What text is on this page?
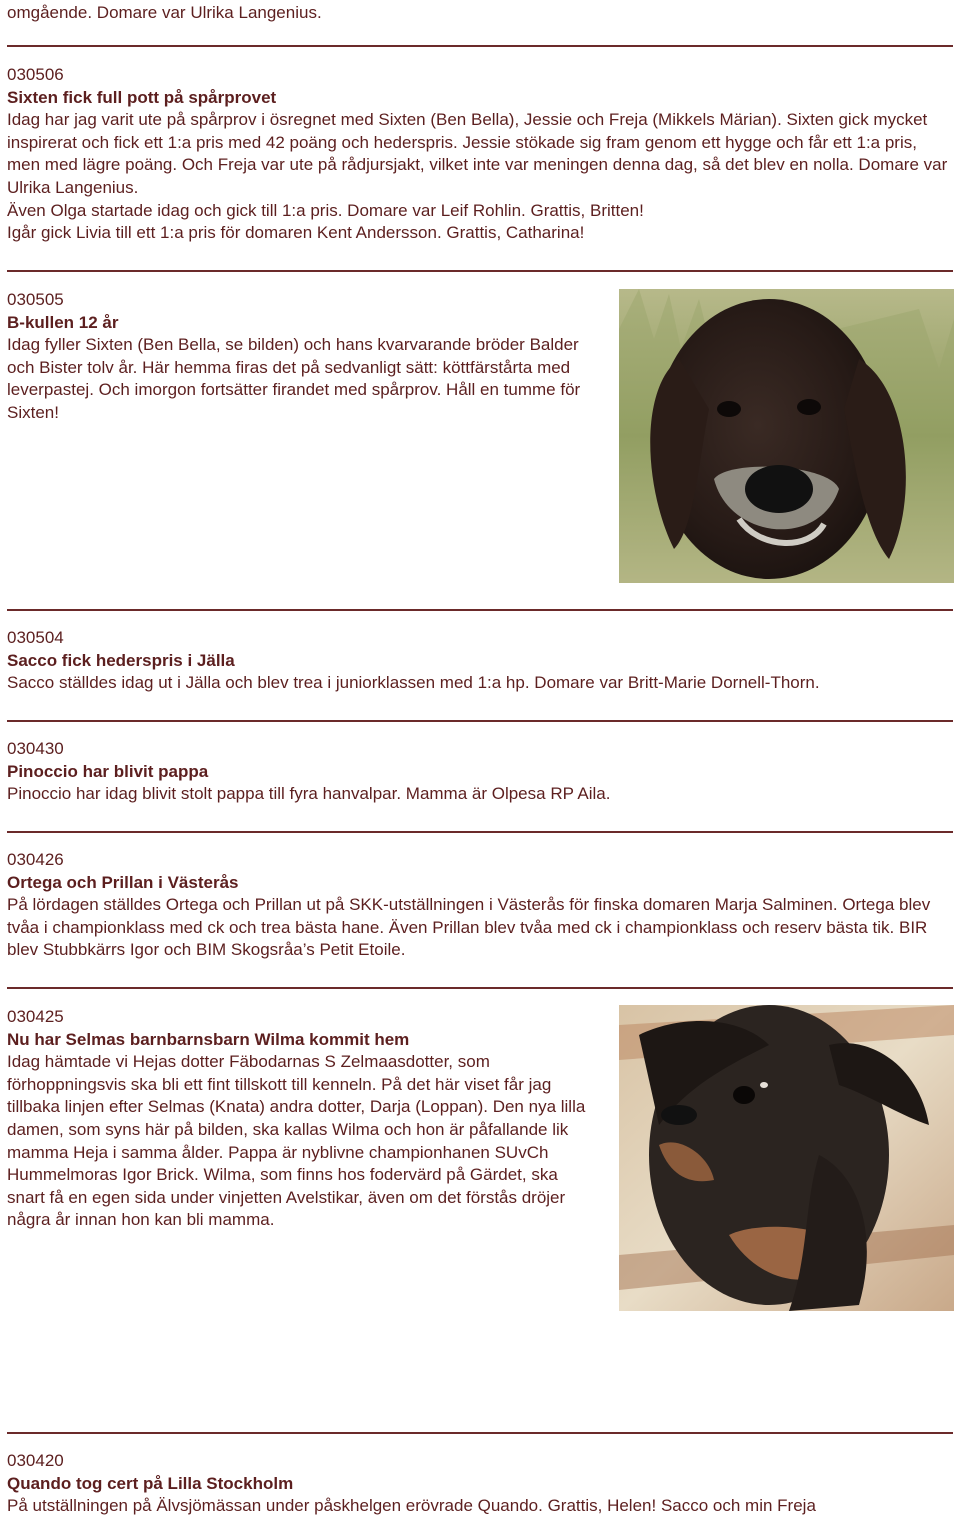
omgående. Domare var Ulrika Langenius.

030506

Sixten fick full pott på spårprovet

Idag har jag varit ute på spårprov i ösregnet med Sixten (Ben Bella), Jessie och Freja (Mikkels Märian). Sixten gick mycket inspirerat och fick ett 1:a pris med 42 poäng och hederspris. Jessie stökade sig fram genom ett hygge och får ett 1:a pris, men med lägre poäng. Och Freja var ute på rådjursjakt, vilket inte var meningen denna dag, så det blev en nolla. Domare var Ulrika Langenius.

Även Olga startade idag och gick till 1:a pris. Domare var Leif Rohlin. Grattis, Britten!

Igår gick Livia till ett 1:a pris för domaren Kent Andersson. Grattis, Catharina!

030505

B-kullen 12 år

Idag fyller Sixten (Ben Bella, se bilden) och hans kvarvarande bröder Balder och Bister tolv år. Här hemma firas det på sedvanligt sätt: köttfärstårta med leverpastej. Och imorgon fortsätter firandet med spårprov. Håll en tumme för Sixten!

030504

Sacco fick hederspris i Jälla

Sacco ställdes idag ut i Jälla och blev trea i juniorklassen med 1:a hp. Domare var Britt-Marie Dornell-Thorn.

030430

Pinoccio har blivit pappa

Pinoccio har idag blivit stolt pappa till fyra hanvalpar. Mamma är Olpesa RP Aila.

030426

Ortega och Prillan i Västerås

På lördagen ställdes Ortega och Prillan ut på SKK-utställningen i Västerås för finska domaren Marja Salminen. Ortega blev tvåa i championklass med ck och trea bästa hane. Även Prillan blev tvåa med ck i championklass och reserv bästa tik. BIR blev Stubbkärrs Igor och BIM Skogsråa’s Petit Etoile.

030425

Nu har Selmas barnbarnsbarn Wilma kommit hem

Idag hämtade vi Hejas dotter Fäbodarnas S Zelmaasdotter, som förhoppningsvis ska bli ett fint tillskott till kenneln. På det här viset får jag tillbaka linjen efter Selmas (Knata) andra dotter, Darja (Loppan). Den nya lilla damen, som syns här på bilden, ska kallas Wilma och hon är påfallande lik mamma Heja i samma ålder. Pappa är nyblivne championhanen SUvCh Hummelmoras Igor Brick. Wilma, som finns hos fodervärd på Gärdet, ska snart få en egen sida under vinjetten Avelstikar, även om det förstås dröjer några år innan hon kan bli mamma.

030420

Quando tog cert på Lilla Stockholm

På utställningen på Älvsjömässan under påskhelgen erövrade Quando. Grattis, Helen! Sacco och min Freja
